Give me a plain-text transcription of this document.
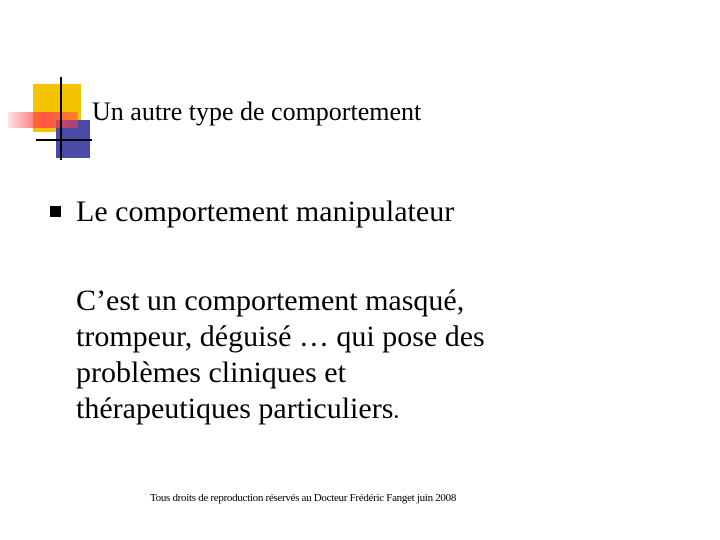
Un autre type de comportement
Le comportement manipulateur

C’est un comportement masqué,
trompeur, déguisé … qui pose des
problèmes cliniques et
thérapeutiques particuliers.

Tous droits de reproduction réservés au Docteur Frédéric Fanget juin 2008
